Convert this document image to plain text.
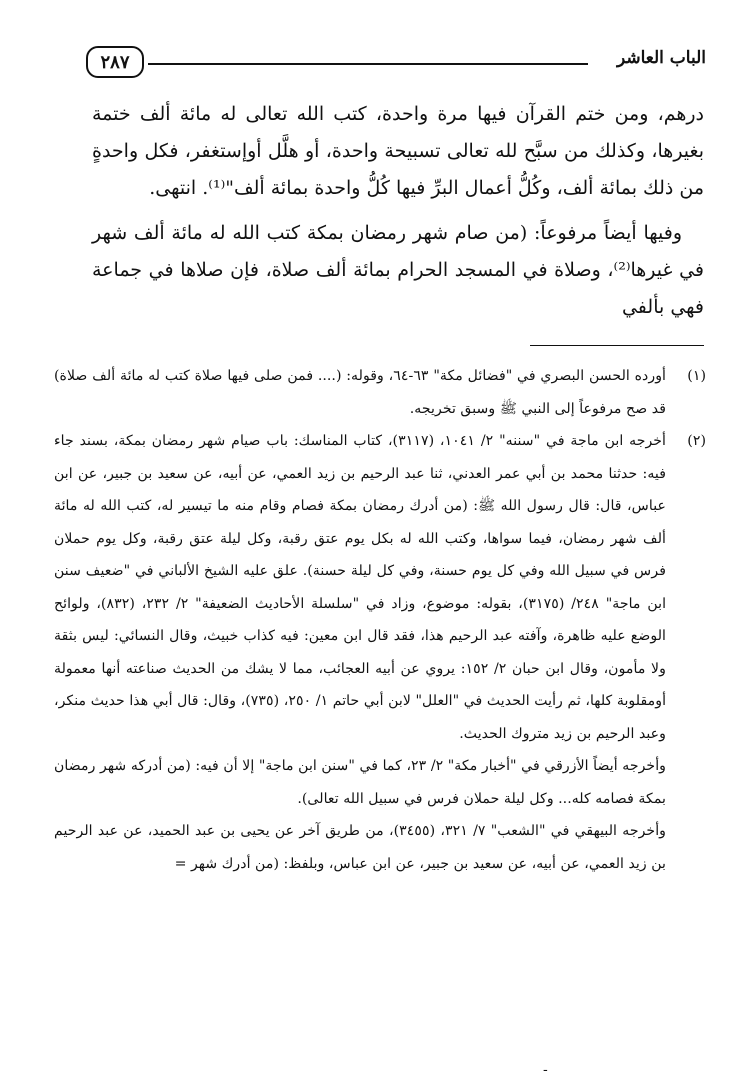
الباب العاشر
٢٨٧

درهم، ومن ختم القرآن فيها مرة واحدة، كتب الله تعالى له مائة ألف ختمة بغيرها، وكذلك من سبَّح لله تعالى تسبيحة واحدة، أو هلَّل أوإستغفر، فكل واحدةٍ من ذلك بمائة ألف، وكُلُّ أعمال البرِّ فيها كُلُّ واحدة بمائة ألف"⁽¹⁾. انتهى.

وفيها أيضاً مرفوعاً: (من صام شهر رمضان بمكة كتب الله له مائة ألف شهر في غيرها⁽²⁾، وصلاة في المسجد الحرام بمائة ألف صلاة، فإن صلاها في جماعة فهي بألفي

(١)
أورده الحسن البصري في "فضائل مكة" ٦٣-٦٤، وقوله: (.... فمن صلى فيها صلاة كتب له مائة ألف صلاة) قد صح مرفوعاً إلى النبي ﷺ وسبق تخريجه.
(٢)
أخرجه ابن ماجة في "سننه" ٢/ ١٠٤١، (٣١١٧)، كتاب المناسك: باب صيام شهر رمضان بمكة، بسند جاء فيه: حدثنا محمد بن أبي عمر العدني، ثنا عبد الرحيم بن زيد العمي، عن أبيه، عن سعيد بن جبير، عن ابن عباس، قال: قال رسول الله ﷺ: (من أدرك رمضان بمكة فصام وقام منه ما تيسير له، كتب الله له مائة ألف شهر رمضان، فيما سواها، وكتب الله له بكل يوم عتق رقبة، وكل ليلة عتق رقبة، وكل يوم حملان فرس في سبيل الله وفي كل يوم حسنة، وفي كل ليلة حسنة). علق عليه الشيخ الألباني في "ضعيف سنن ابن ماجة" ٢٤٨/ (٣١٧٥)، بقوله: موضوع، وزاد في "سلسلة الأحاديث الضعيفة" ٢/ ٢٣٢، (٨٣٢)، ولوائح الوضع عليه ظاهرة، وآفته عبد الرحيم هذا، فقد قال ابن معين: فيه كذاب خبيث، وقال النسائي: ليس بثقة ولا مأمون، وقال ابن حبان ٢/ ١٥٢: يروي عن أبيه العجائب، مما لا يشك من الحديث صناعته أنها معمولة أومقلوبة كلها، ثم رأيت الحديث في "العلل" لابن أبي حاتم ١/ ٢٥٠، (٧٣٥)، وقال: قال أبي هذا حديث منكر، وعبد الرحيم بن زيد متروك الحديث.

وأخرجه أيضاً الأزرقي في "أخبار مكة" ٢/ ٢٣، كما في "سنن ابن ماجة" إلا أن فيه: (من أدركه شهر رمضان بمكة فصامه كله... وكل ليلة حملان فرس في سبيل الله تعالى).

وأخرجه البيهقي في "الشعب" ٧/ ٣٢١، (٣٤٥٥)، من طريق آخر عن يحيى بن عبد الحميد، عن عبد الرحيم بن زيد العمي، عن أبيه، عن سعيد بن جبير، عن ابن عباس، وبلفظ: (من أدرك شهر =

-
